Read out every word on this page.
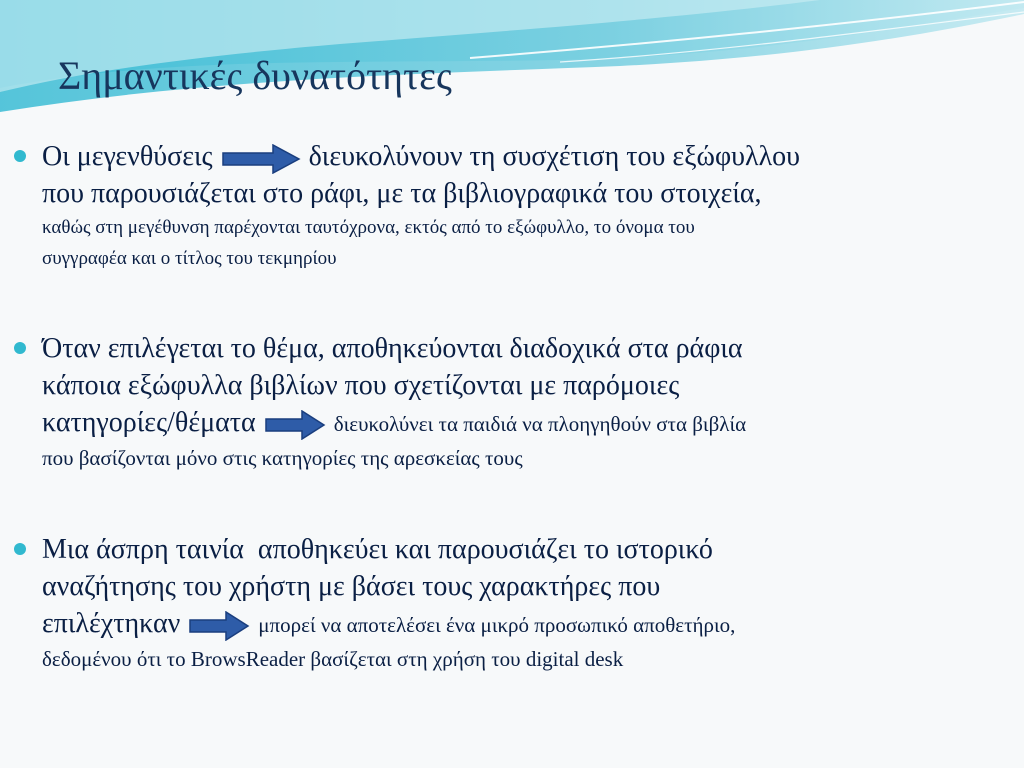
Σημαντικές δυνατότητες
Οι μεγενθύσεις	διευκολύνουν τη συσχέτιση του εξώφυλλου
που παρουσιάζεται στο ράφι, με τα βιβλιογραφικά του στοιχεία,
καθώς στη μεγέθυνση παρέχονται ταυτόχρονα, εκτός από το εξώφυλλο, το όνομα του
συγγραφέα και ο τίτλος του τεκμηρίου
Όταν επιλέγεται το θέμα, αποθηκεύονται διαδοχικά στα ράφια
κάποια εξώφυλλα βιβλίων που σχετίζονται με παρόμοιες
κατηγορίες/θέματα	διευκολύνει τα παιδιά να πλοηγηθούν στα βιβλία
που βασίζονται μόνο στις κατηγορίες της αρεσκείας τους
Μια άσπρη ταινία  αποθηκεύει και παρουσιάζει το ιστορικό
αναζήτησης του χρήστη με βάσει τους χαρακτήρες που
επιλέχτηκαν	μπορεί να αποτελέσει ένα μικρό προσωπικό αποθετήριο,
δεδομένου ότι το BrowsReader βασίζεται στη χρήση του digital desk
